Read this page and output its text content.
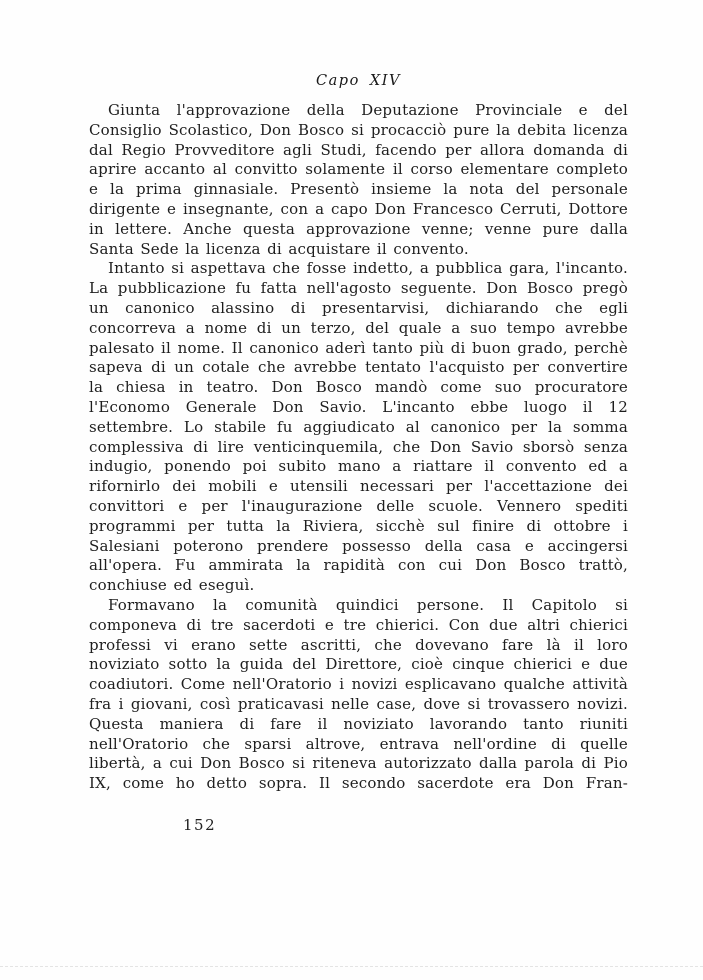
Capo XIV

Giunta l'approvazione della Deputazione Provinciale e del Consiglio Scolastico, Don Bosco si procacciò pure la debita licenza dal Regio Provveditore agli Studi, facendo per allora domanda di aprire accanto al convitto solamente il corso elementare completo e la prima ginnasiale. Presentò insieme la nota del personale dirigente e insegnante, con a capo Don Francesco Cerruti, Dottore in lettere. Anche questa approvazione venne; venne pure dalla Santa Sede la licenza di acquistare il convento.

Intanto si aspettava che fosse indetto, a pubblica gara, l'incanto. La pubblicazione fu fatta nell'agosto seguente. Don Bosco pregò un canonico alassino di presentarvisi, dichiarando che egli concorreva a nome di un terzo, del quale a suo tempo avrebbe palesato il nome. Il canonico aderì tanto più di buon grado, perchè sapeva di un cotale che avrebbe tentato l'acquisto per convertire la chiesa in teatro. Don Bosco mandò come suo procuratore l'Economo Generale Don Savio. L'incanto ebbe luogo il 12 settembre. Lo stabile fu aggiudicato al canonico per la somma complessiva di lire venticinquemila, che Don Savio sborsò senza indugio, ponendo poi subito mano a riattare il convento ed a rifornirlo dei mobili e utensili necessari per l'accettazione dei convittori e per l'inaugurazione delle scuole. Vennero spediti programmi per tutta la Riviera, sicchè sul finire di ottobre i Salesiani poterono prendere possesso della casa e accingersi all'opera. Fu ammirata la rapidità con cui Don Bosco trattò, conchiuse ed eseguì.

Formavano la comunità quindici persone. Il Capitolo si componeva di tre sacerdoti e tre chierici. Con due altri chierici professi vi erano sette ascritti, che dovevano fare là il loro noviziato sotto la guida del Direttore, cioè cinque chierici e due coadiutori. Come nell'Oratorio i novizi esplicavano qualche attività fra i giovani, così praticavasi nelle case, dove si trovassero novizi. Questa maniera di fare il noviziato lavorando tanto riuniti nell'Oratorio che sparsi altrove, entrava nell'ordine di quelle libertà, a cui Don Bosco si riteneva autorizzato dalla parola di Pio IX, come ho detto sopra. Il secondo sacerdote era Don Fran-

152
